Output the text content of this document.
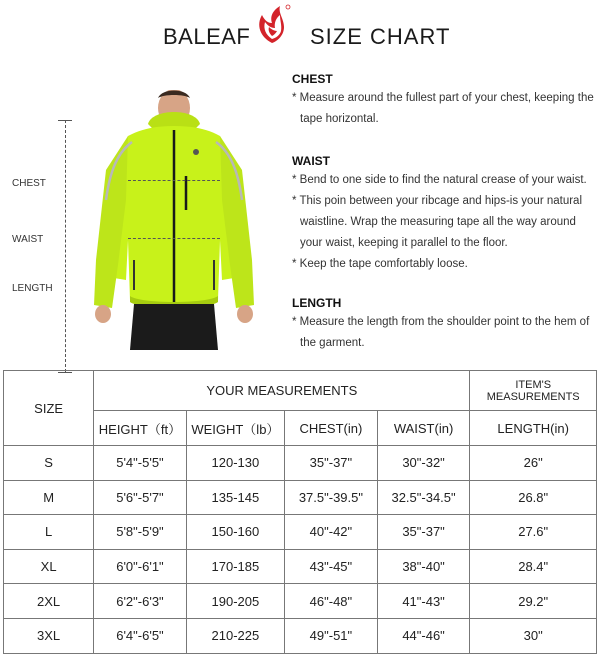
BALEAF	SIZE CHART
CHEST
WAIST
LENGTH
CHEST

* Measure around the fullest part of your chest, keeping the tape horizontal.

WAIST

* Bend to one side to find the natural crease of your waist.

* This poin between your ribcage and hips-is your natural waistline. Wrap the measuring tape all the way around your waist, keeping it parallel to the floor.

* Keep the tape comfortably loose.

LENGTH

* Measure the length from the shoulder point to the hem of the garment.

SIZE	YOUR MEASUREMENTS				ITEM'S MEASUREMENTS
	HEIGHT（ft）	WEIGHT（lb）	CHEST(in)	WAIST(in)	LENGTH(in)
S	5'4"-5'5"	120-130	35"-37"	30"-32"	26"
M	5'6"-5'7"	135-145	37.5"-39.5"	32.5"-34.5"	26.8"
L	5'8"-5'9"	150-160	40"-42"	35"-37"	27.6"
XL	6'0"-6'1"	170-185	43"-45"	38"-40"	28.4"
2XL	6'2"-6'3"	190-205	46"-48"	41"-43"	29.2"
3XL	6'4"-6'5"	210-225	49"-51"	44"-46"	30"
